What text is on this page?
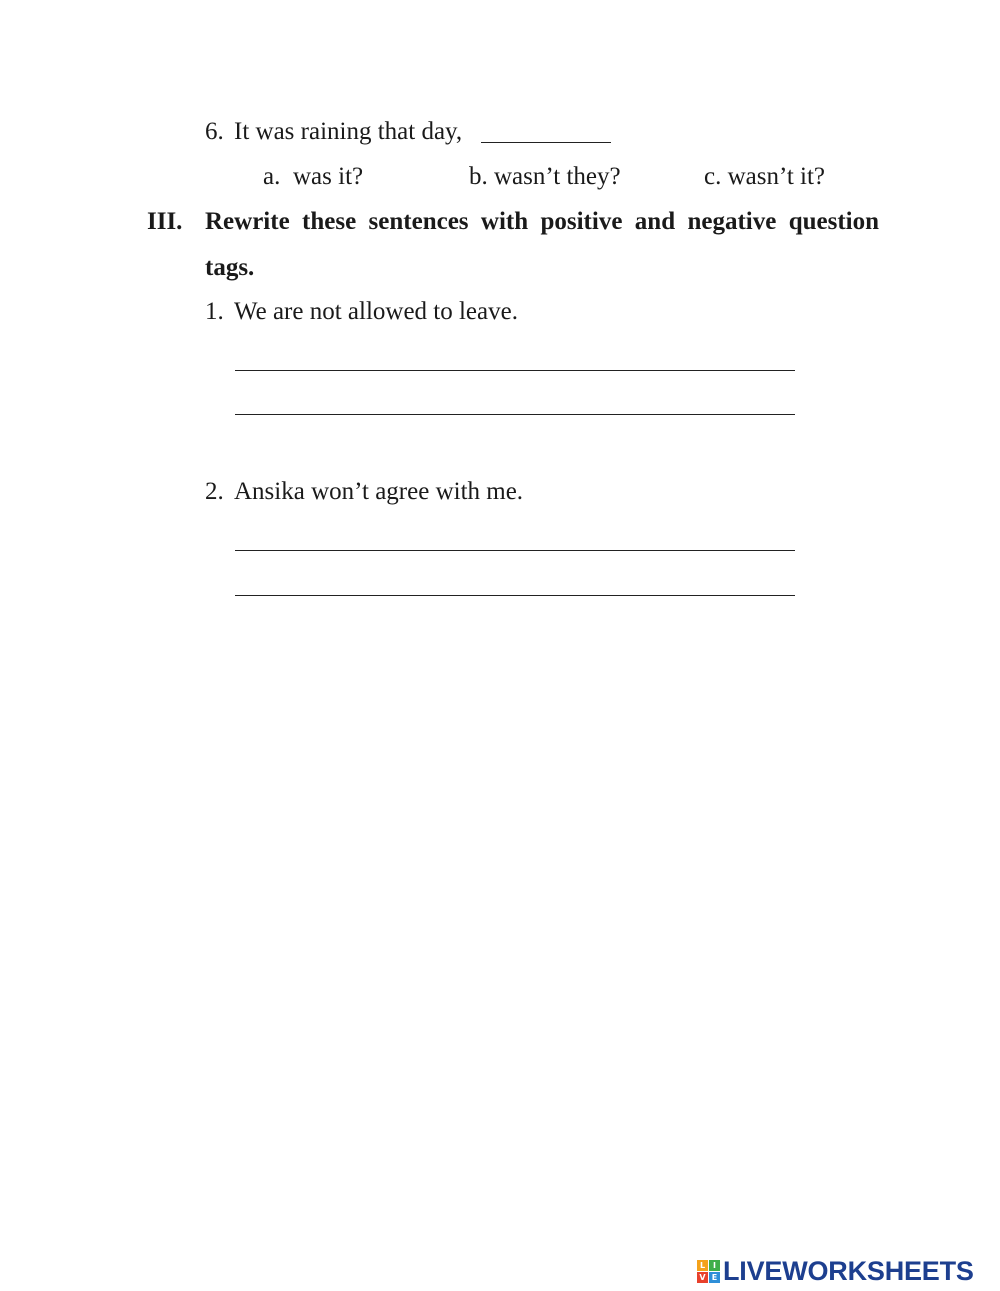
6. It was raining that day,
a. was it?	b. wasn’t they?	c. wasn’t it?
III. Rewrite these sentences with positive and negative question
tags.
1. We are not allowed to leave.
2. Ansika won’t agree with me.
L I
V E LIVEWORKSHEETS
